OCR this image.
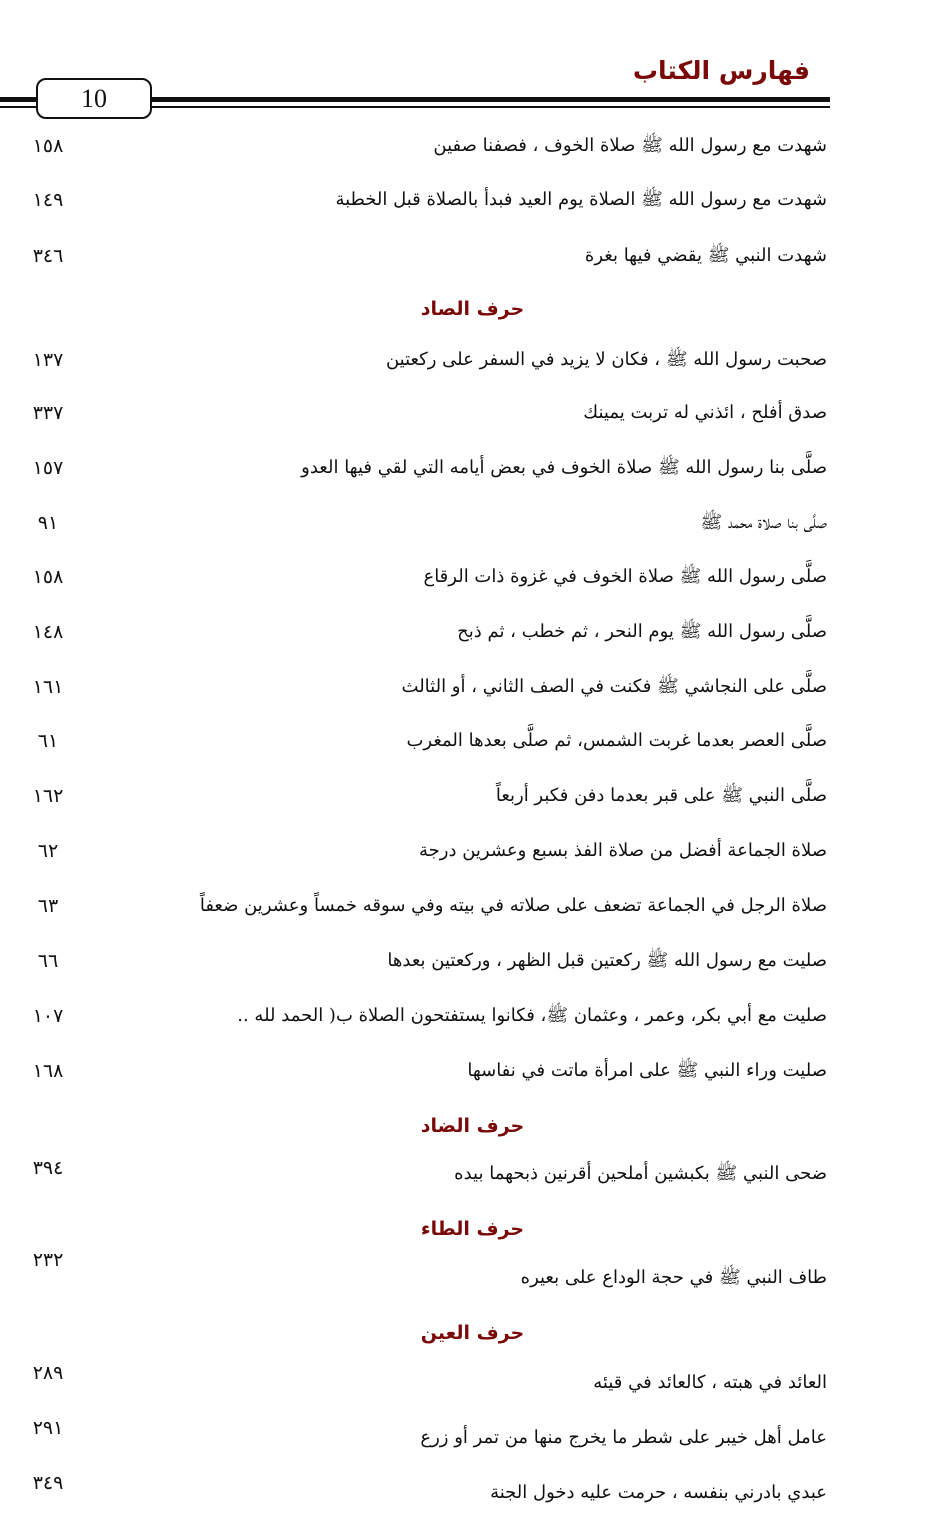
فهارس الكتاب
10
شهدت مع رسول الله ﷺ صلاة الخوف ، فصفنا صفين
١٥٨
شهدت مع رسول الله ﷺ الصلاة يوم العيد فبدأ بالصلاة قبل الخطبة
١٤٩
شهدت النبي ﷺ يقضي فيها بغرة
٣٤٦
حرف الصاد
صحبت رسول الله ﷺ ، فكان لا يزيد في السفر على ركعتين
١٣٧
صدق أفلح ، ائذني له تربت يمينك
٣٣٧
صلَّى بنا رسول الله ﷺ صلاة الخوف في بعض أيامه التي لقي فيها العدو
١٥٧
صلَّى بنا صلاة محمد ﷺ
٩١
صلَّى رسول الله ﷺ صلاة الخوف في غزوة ذات الرقاع
١٥٨
صلَّى رسول الله ﷺ يوم النحر ، ثم خطب ، ثم ذبح
١٤٨
صلَّى على النجاشي ﷺ فكنت في الصف الثاني ، أو الثالث
١٦١
صلَّى العصر بعدما غربت الشمس، ثم صلَّى بعدها المغرب
٦١
صلَّى النبي ﷺ على قبر بعدما دفن فكبر أربعاً
١٦٢
صلاة الجماعة أفضل من صلاة الفذ بسبع وعشرين درجة
٦٢
صلاة الرجل في الجماعة تضعف على صلاته في بيته وفي سوقه خمساً وعشرين ضعفاً
٦٣
صليت مع رسول الله ﷺ ركعتين قبل الظهر ، وركعتين بعدها
٦٦
صليت مع أبي بكر، وعمر ، وعثمان ﷺ، فكانوا يستفتحون الصلاة ب( الحمد لله ..
١٠٧
صليت وراء النبي ﷺ على امرأة ماتت في نفاسها
١٦٨
حرف الضاد
ضحى النبي ﷺ بكبشين أملحين أقرنين ذبحهما بيده
٣٩٤
حرف الطاء
طاف النبي ﷺ في حجة الوداع على بعيره
٢٣٢
حرف العين
العائد في هبته ، كالعائد في قيئه
٢٨٩
عامل أهل خيبر على شطر ما يخرج منها من تمر أو زرع
٢٩١
عبدي بادرني بنفسه ، حرمت عليه دخول الجنة
٣٤٩
